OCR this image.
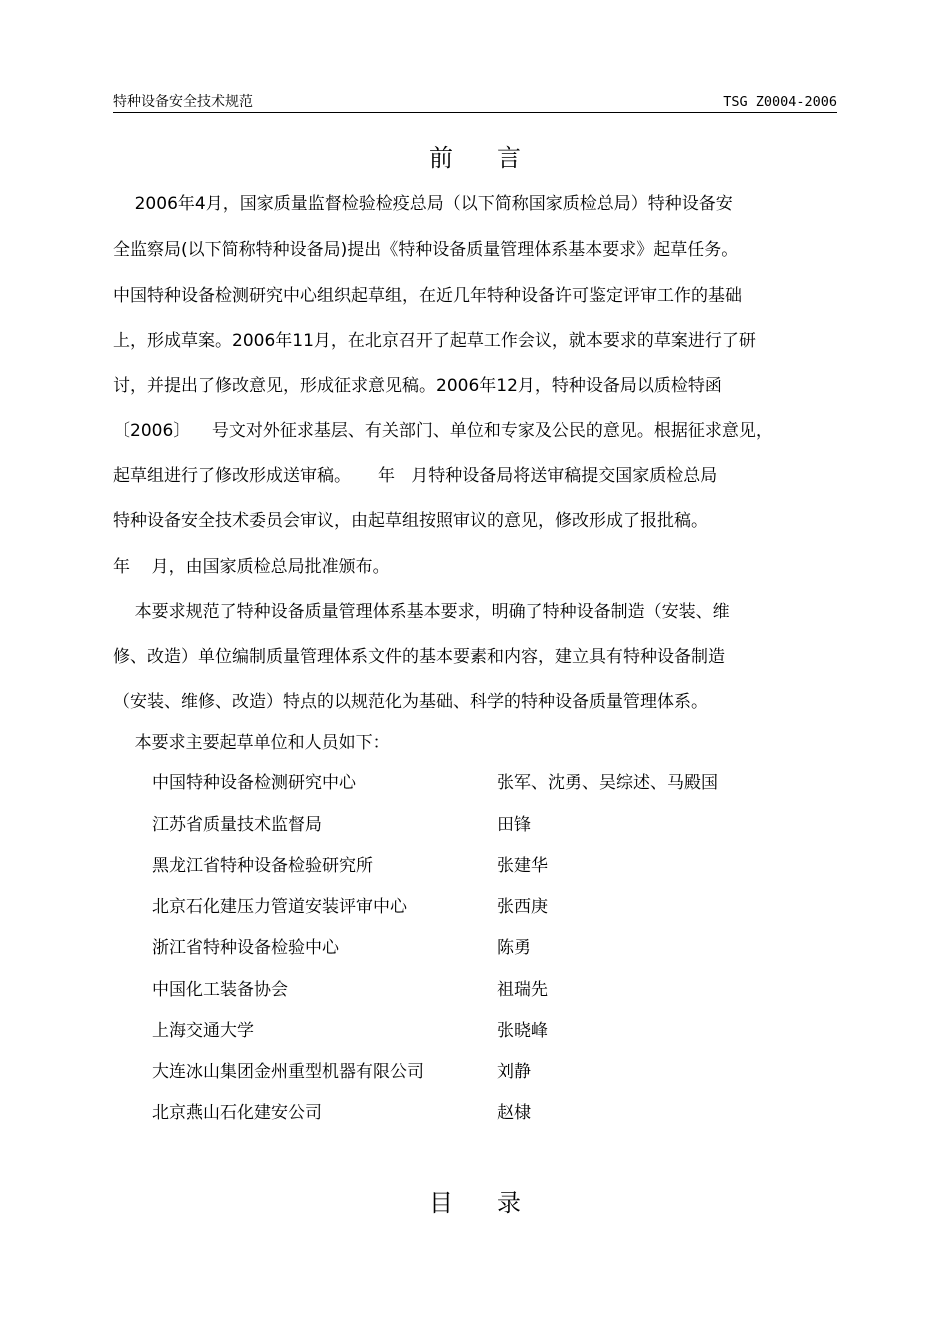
特种设备安全技术规范	TSG Z0004-2006
前言
2006年4月，国家质量监督检验检疫总局（以下简称国家质检总局）特种设备安
全监察局(以下简称特种设备局)提出《特种设备质量管理体系基本要求》起草任务。
中国特种设备检测研究中心组织起草组，在近几年特种设备许可鉴定评审工作的基础
上，形成草案。2006年11月，在北京召开了起草工作会议，就本要求的草案进行了研
讨，并提出了修改意见，形成征求意见稿。2006年12月，特种设备局以质检特函
〔2006〕    号文对外征求基层、有关部门、单位和专家及公民的意见。根据征求意见，
起草组进行了修改形成送审稿。     年   月特种设备局将送审稿提交国家质检总局
特种设备安全技术委员会审议，由起草组按照审议的意见，修改形成了报批稿。
年    月，由国家质检总局批准颁布。
本要求规范了特种设备质量管理体系基本要求，明确了特种设备制造（安装、维
修、改造）单位编制质量管理体系文件的基本要素和内容，建立具有特种设备制造
（安装、维修、改造）特点的以规范化为基础、科学的特种设备质量管理体系。
本要求主要起草单位和人员如下：
中国特种设备检测研究中心	张军、沈勇、吴综述、马殿国
江苏省质量技术监督局	田锋
黑龙江省特种设备检验研究所	张建华
北京石化建压力管道安装评审中心	张西庚
浙江省特种设备检验中心	陈勇
中国化工装备协会	祖瑞先
上海交通大学	张晓峰
大连冰山集团金州重型机器有限公司	刘静
北京燕山石化建安公司	赵棣
目录
